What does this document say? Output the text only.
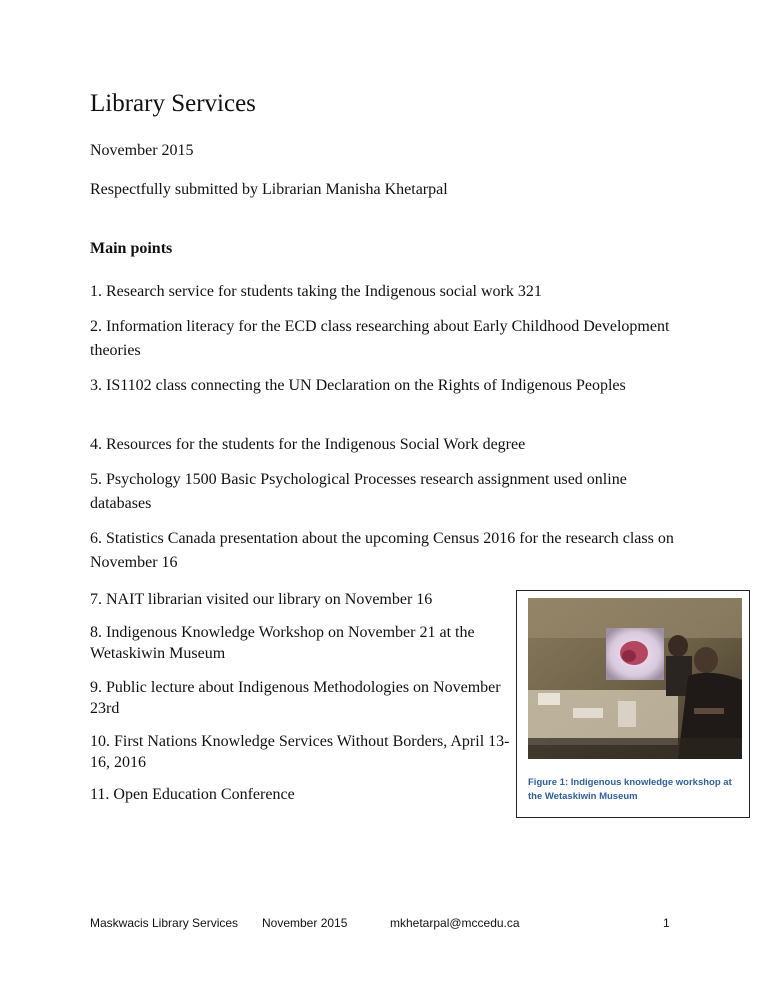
Library Services
November 2015
Respectfully submitted by Librarian Manisha Khetarpal
Main points
1. Research service for students taking the Indigenous social work 321
2. Information literacy for the ECD class researching about Early Childhood Development theories
3. IS1102 class connecting the UN Declaration on the Rights of Indigenous Peoples
4. Resources for the students for the Indigenous Social Work degree
5. Psychology 1500 Basic Psychological Processes research assignment used online databases
6. Statistics Canada presentation about the upcoming Census 2016 for the research class on November 16
7. NAIT librarian visited our library on November 16
8. Indigenous Knowledge Workshop on November 21 at the Wetaskiwin Museum
9. Public lecture about Indigenous Methodologies on November 23rd
10. First Nations Knowledge Services Without Borders, April 13-16, 2016
11. Open Education Conference
Figure 1: Indigenous knowledge workshop at the Wetaskiwin Museum
Maskwacis Library Services November 2015	mkhetarpal@mccedu.ca	1
